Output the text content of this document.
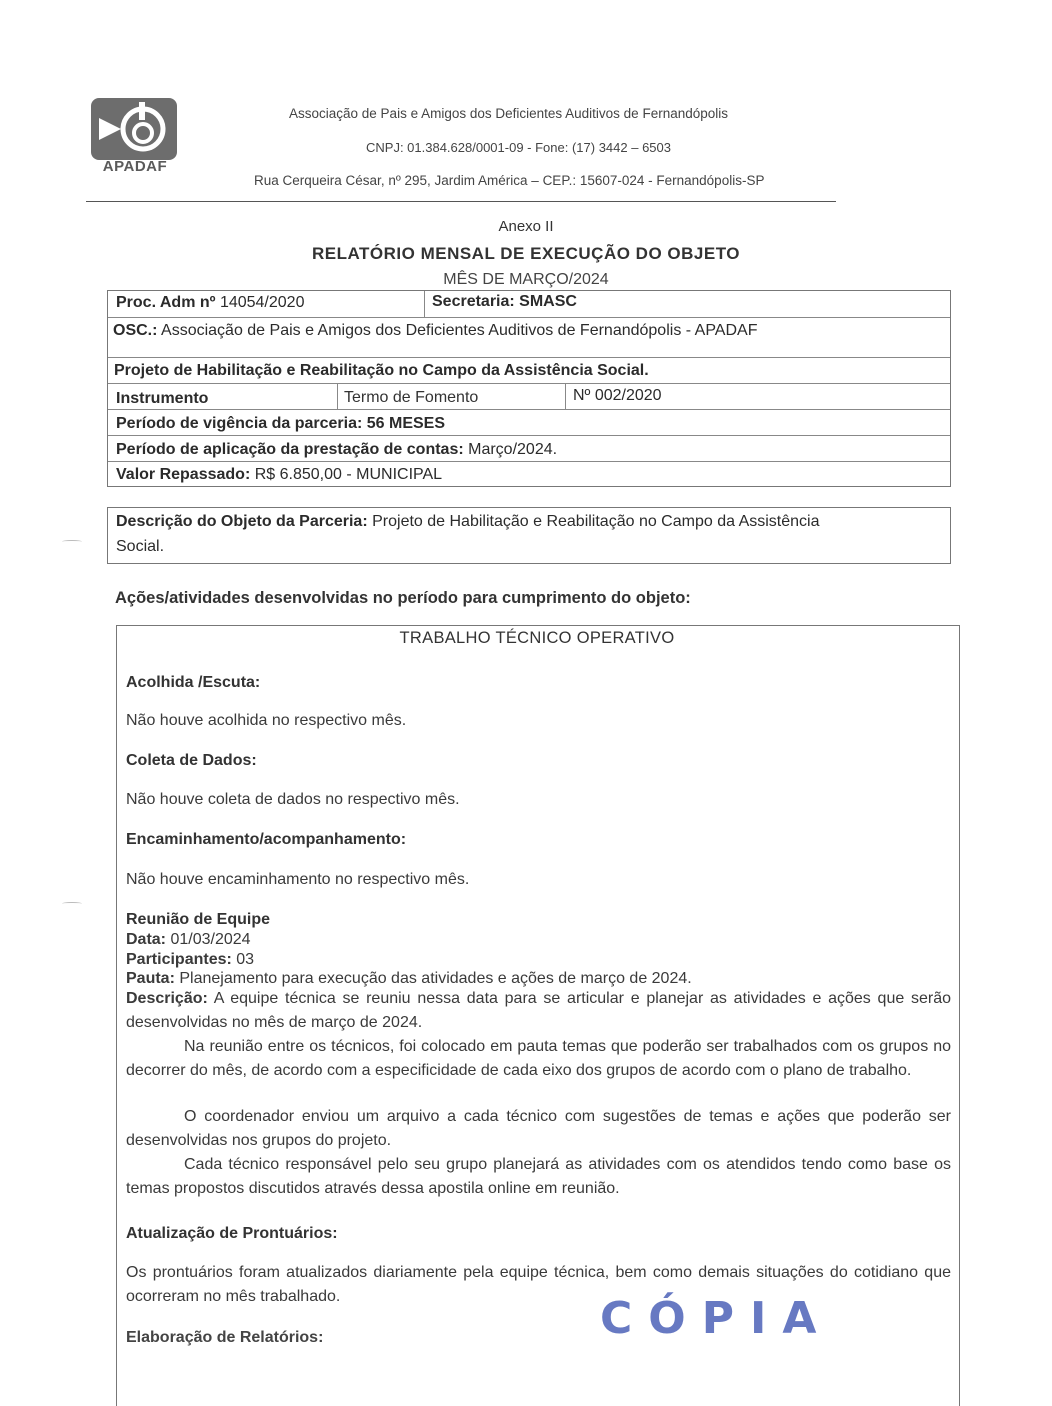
APADAF
Associação de Pais e Amigos dos Deficientes Auditivos de Fernandópolis
CNPJ: 01.384.628/0001-09 - Fone: (17) 3442 – 6503
Rua Cerqueira César, nº 295, Jardim América – CEP.: 15607-024 - Fernandópolis-SP
Anexo II
RELATÓRIO MENSAL DE EXECUÇÃO DO OBJETO
MÊS DE MARÇO/2024
Proc. Adm nº 14054/2020	Secretaria: SMASC
OSC.: Associação de Pais e Amigos dos Deficientes Auditivos de Fernandópolis - APADAF
Projeto de Habilitação e Reabilitação no Campo da Assistência Social.
Instrumento	Termo de Fomento	Nº 002/2020
Período de vigência da parceria: 56 MESES
Período de aplicação da prestação de contas: Março/2024.
Valor Repassado: R$ 6.850,00 - MUNICIPAL
Descrição do Objeto da Parceria: Projeto de Habilitação e Reabilitação no Campo da Assistência
Social.
Ações/atividades desenvolvidas no período para cumprimento do objeto:
TRABALHO TÉCNICO OPERATIVO
Acolhida /Escuta:
Não houve acolhida no respectivo mês.
Coleta de Dados:
Não houve coleta de dados no respectivo mês.
Encaminhamento/acompanhamento:
Não houve encaminhamento no respectivo mês.
Reunião de Equipe
Data: 01/03/2024
Participantes: 03
Pauta: Planejamento para execução das atividades e ações de março de 2024.
Descrição: A equipe técnica se reuniu nessa data para se articular e planejar as atividades e ações que serão desenvolvidas no mês de março de 2024.
Na reunião entre os técnicos, foi colocado em pauta temas que poderão ser trabalhados com os grupos no decorrer do mês, de acordo com a especificidade de cada eixo dos grupos de acordo com o plano de trabalho.
O coordenador enviou um arquivo a cada técnico com sugestões de temas e ações que poderão ser desenvolvidas nos grupos do projeto.
Cada técnico responsável pelo seu grupo planejará as atividades com os atendidos tendo como base os temas propostos discutidos através dessa apostila online em reunião.
Atualização de Prontuários:
Os prontuários foram atualizados diariamente pela equipe técnica, bem como demais situações do cotidiano que ocorreram no mês trabalhado.	CÓPIA
Elaboração de Relatórios:
